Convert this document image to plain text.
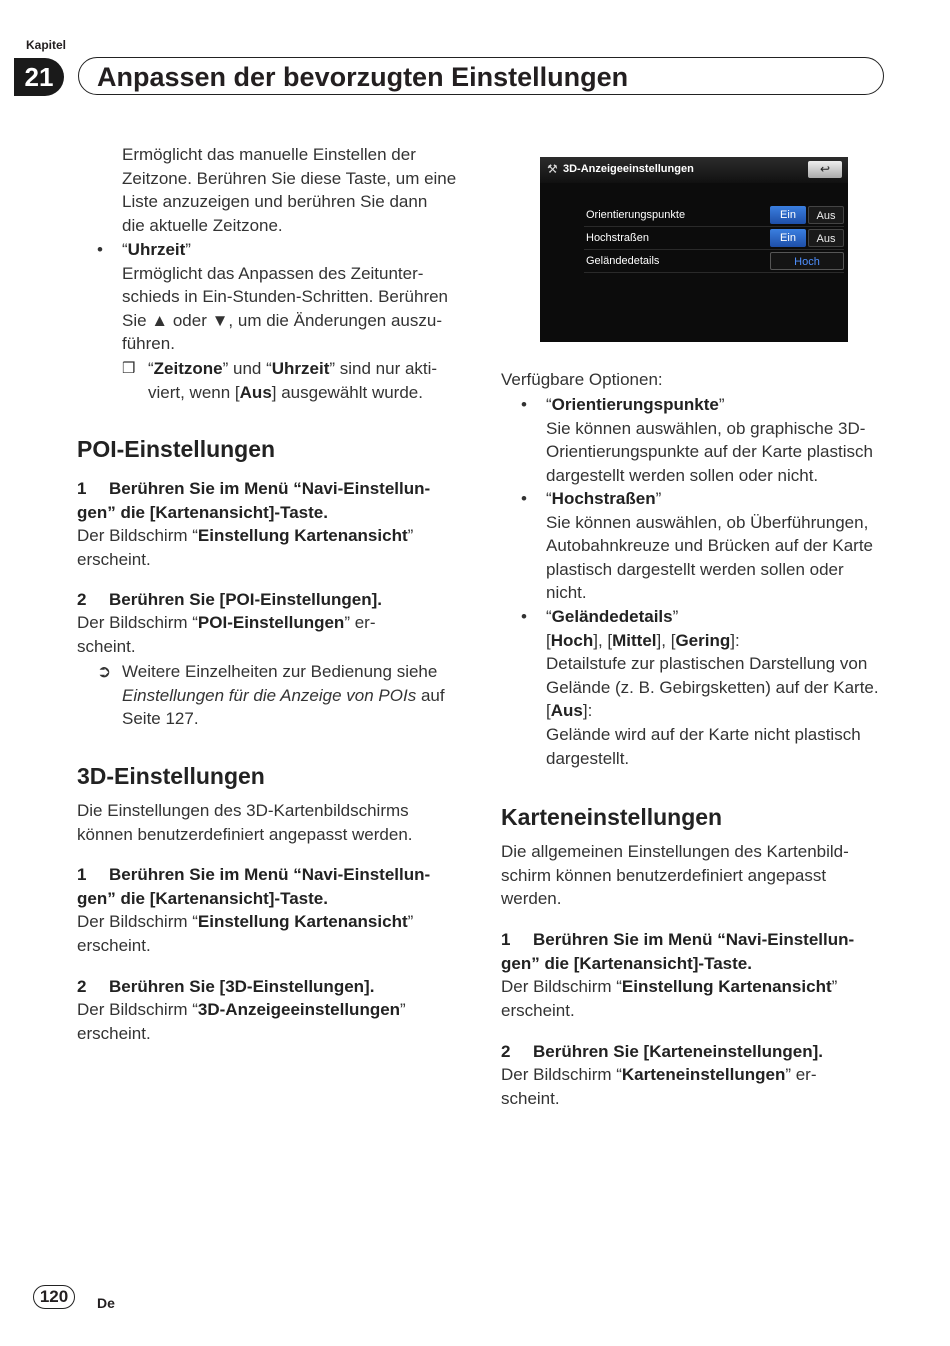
Kapitel
21	Anpassen der bevorzugten Einstellungen
Ermöglicht das manuelle Einstellen der
Zeitzone. Berühren Sie diese Taste, um eine
Liste anzuzeigen und berühren Sie dann
die aktuelle Zeitzone.
• “Uhrzeit”
Ermöglicht das Anpassen des Zeitunter-
schieds in Ein-Stunden-Schritten. Berühren
Sie ▲ oder ▼, um die Änderungen auszu-
führen.
❒ “Zeitzone” und “Uhrzeit” sind nur akti-
viert, wenn [Aus] ausgewählt wurde.
POI-Einstellungen
1 Berühren Sie im Menü “Navi-Einstellun-
gen” die [Kartenansicht]-Taste.
Der Bildschirm “Einstellung Kartenansicht”
erscheint.
2 Berühren Sie [POI-Einstellungen].
Der Bildschirm “POI-Einstellungen” er-
scheint.
➲ Weitere Einzelheiten zur Bedienung siehe
Einstellungen für die Anzeige von POIs auf
Seite 127.
3D-Einstellungen
Die Einstellungen des 3D-Kartenbildschirms
können benutzerdefiniert angepasst werden.
1 Berühren Sie im Menü “Navi-Einstellun-
gen” die [Kartenansicht]-Taste.
Der Bildschirm “Einstellung Kartenansicht”
erscheint.
2 Berühren Sie [3D-Einstellungen].
Der Bildschirm “3D-Anzeigeeinstellungen”
erscheint.
⚒ 3D-Anzeigeeinstellungen	↩
Orientierungspunkte	Ein	Aus
Hochstraßen	Ein	Aus
Geländedetails	Hoch
Verfügbare Optionen:
• “Orientierungspunkte”
Sie können auswählen, ob graphische 3D-
Orientierungspunkte auf der Karte plastisch
dargestellt werden sollen oder nicht.
• “Hochstraßen”
Sie können auswählen, ob Überführungen,
Autobahnkreuze und Brücken auf der Karte
plastisch dargestellt werden sollen oder
nicht.
• “Geländedetails”
[Hoch], [Mittel], [Gering]:
Detailstufe zur plastischen Darstellung von
Gelände (z. B. Gebirgsketten) auf der Karte.
[Aus]:
Gelände wird auf der Karte nicht plastisch
dargestellt.
Karteneinstellungen
Die allgemeinen Einstellungen des Kartenbild-
schirm können benutzerdefiniert angepasst
werden.
1 Berühren Sie im Menü “Navi-Einstellun-
gen” die [Kartenansicht]-Taste.
Der Bildschirm “Einstellung Kartenansicht”
erscheint.
2 Berühren Sie [Karteneinstellungen].
Der Bildschirm “Karteneinstellungen” er-
scheint.
120	De
